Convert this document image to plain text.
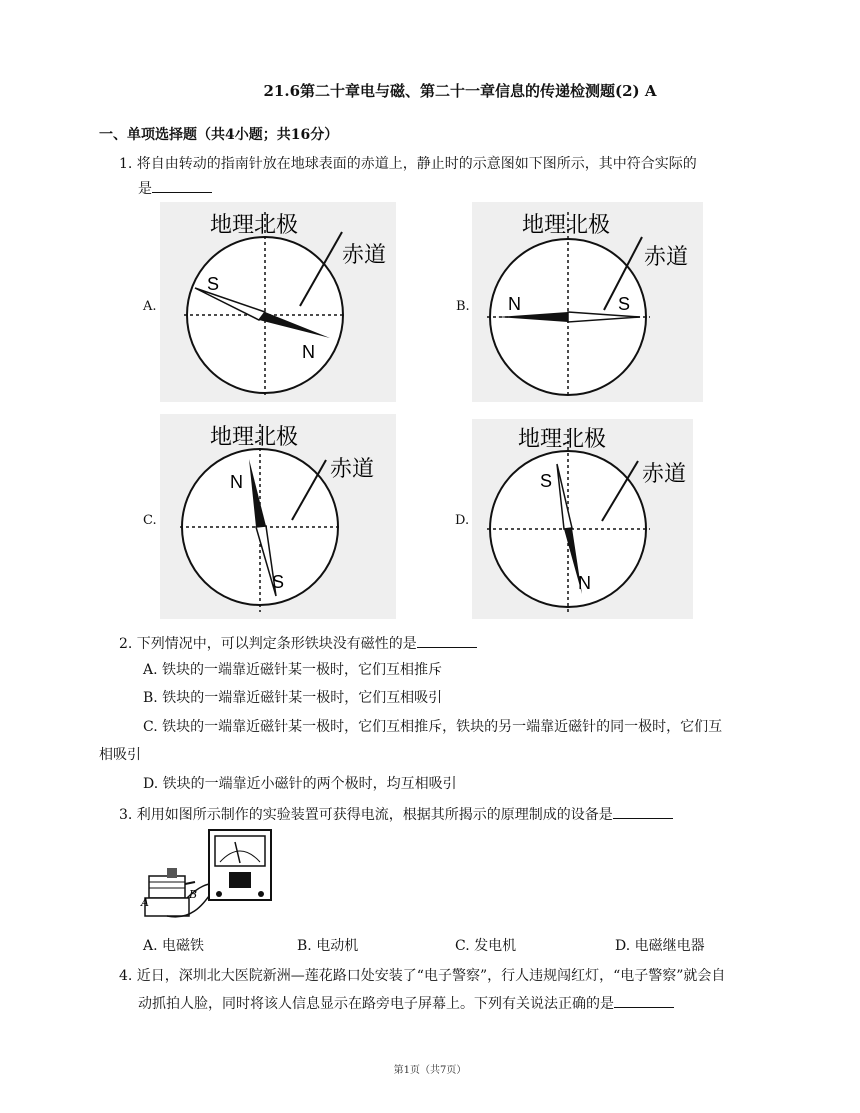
21.6第二十章电与磁、第二十一章信息的传递检测题(2) A
一、单项选择题（共4小题；共16分）
1. 将自由转动的指南针放在地球表面的赤道上，静止时的示意图如下图所示，其中符合实际的
是
A.
地理北极
赤道
S
N
B.
地理北极
赤道
N	S
C.
地理北极
赤道
N
S
D.
地理北极
赤道
S
N
2. 下列情况中，可以判定条形铁块没有磁性的是
A. 铁块的一端靠近磁针某一极时，它们互相推斥
B. 铁块的一端靠近磁针某一极时，它们互相吸引
C. 铁块的一端靠近磁针某一极时，它们互相推斥，铁块的另一端靠近磁针的同一极时，它们互
相吸引
D. 铁块的一端靠近小磁针的两个极时，均互相吸引
3. 利用如图所示制作的实验装置可获得电流，根据其所揭示的原理制成的设备是
A
B
A. 电磁铁	B. 电动机	C. 发电机	D. 电磁继电器
4. 近日，深圳北大医院新洲—莲花路口处安装了“电子警察”，行人违规闯红灯，“电子警察”就会自
动抓拍人脸，同时将该人信息显示在路旁电子屏幕上。下列有关说法正确的是
第1页（共7页）
